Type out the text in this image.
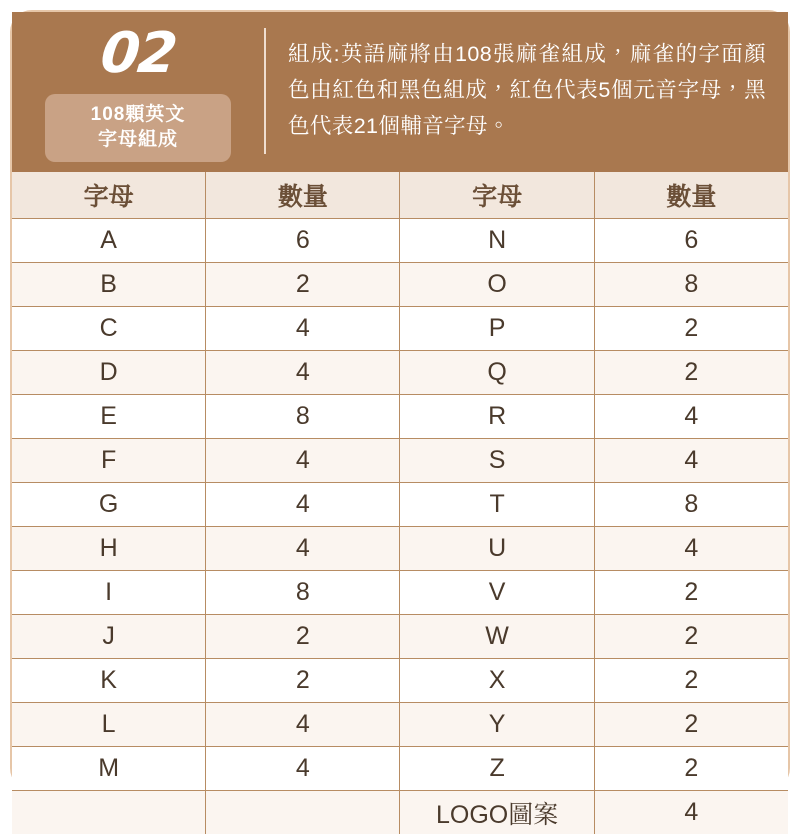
02
108顆英文
字母組成
組成:英語麻將由108張麻雀組成，麻雀的字面顏色由紅色和黑色組成，紅色代表5個元音字母，黑色代表21個輔音字母。
字母	數量	字母	數量
A	6	N	6
B	2	O	8
C	4	P	2
D	4	Q	2
E	8	R	4
F	4	S	4
G	4	T	8
H	4	U	4
I	8	V	2
J	2	W	2
K	2	X	2
L	4	Y	2
M	4	Z	2
		LOGO圖案	4
